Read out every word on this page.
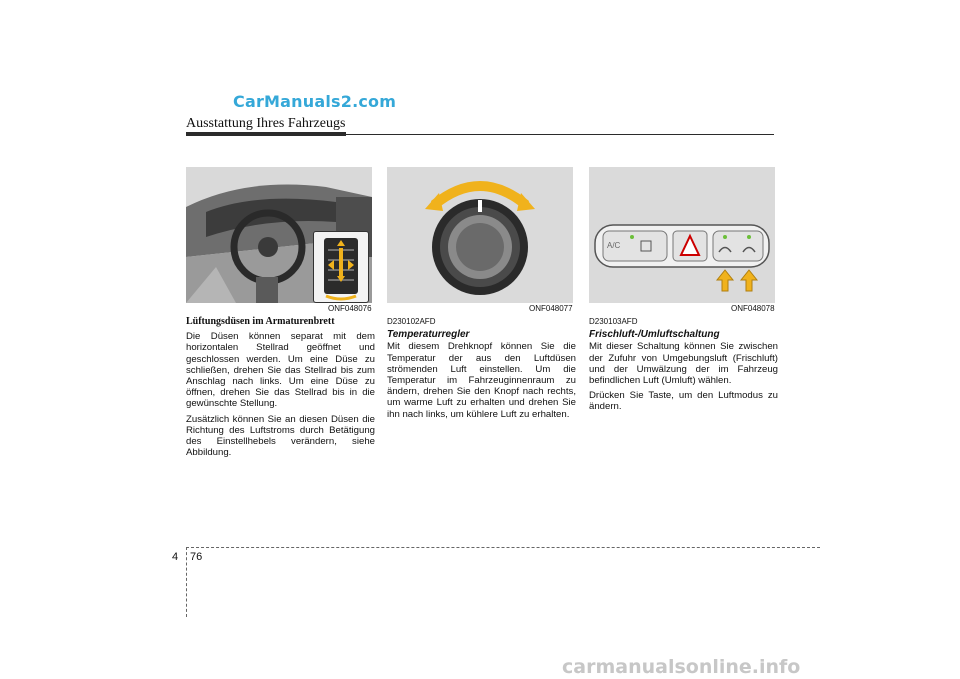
CarManuals2.com
Ausstattung Ihres Fahrzeugs
ONF048076	ONF048077
A/C
ONF048078

Lüftungsdüsen im Armaturenbrett

Die Düsen können separat mit dem horizontalen Stellrad geöffnet und geschlossen werden. Um eine Düse zu schließen, drehen Sie das Stellrad bis zum Anschlag nach links. Um eine Düse zu öffnen, drehen Sie das Stellrad bis in die gewünschte Stellung.

Zusätzlich können Sie an diesen Düsen die Richtung des Luftstroms durch Betätigung des Einstellhebels verändern, siehe Abbildung.

D230102AFD

Temperaturregler

Mit diesem Drehknopf können Sie die Temperatur der aus den Luftdüsen strömenden Luft einstellen. Um die Temperatur im Fahrzeuginnenraum zu ändern, drehen Sie den Knopf nach rechts, um warme Luft zu erhalten und drehen Sie ihn nach links, um kühlere Luft zu erhalten.

D230103AFD

Frischluft-/Umluftschaltung

Mit dieser Schaltung können Sie zwischen der Zufuhr von Umgebungsluft (Frischluft) und der Umwälzung der im Fahrzeug befindlichen Luft (Umluft) wählen.

Drücken Sie Taste, um den Luftmodus zu ändern.

4 76
carmanualsonline.info
